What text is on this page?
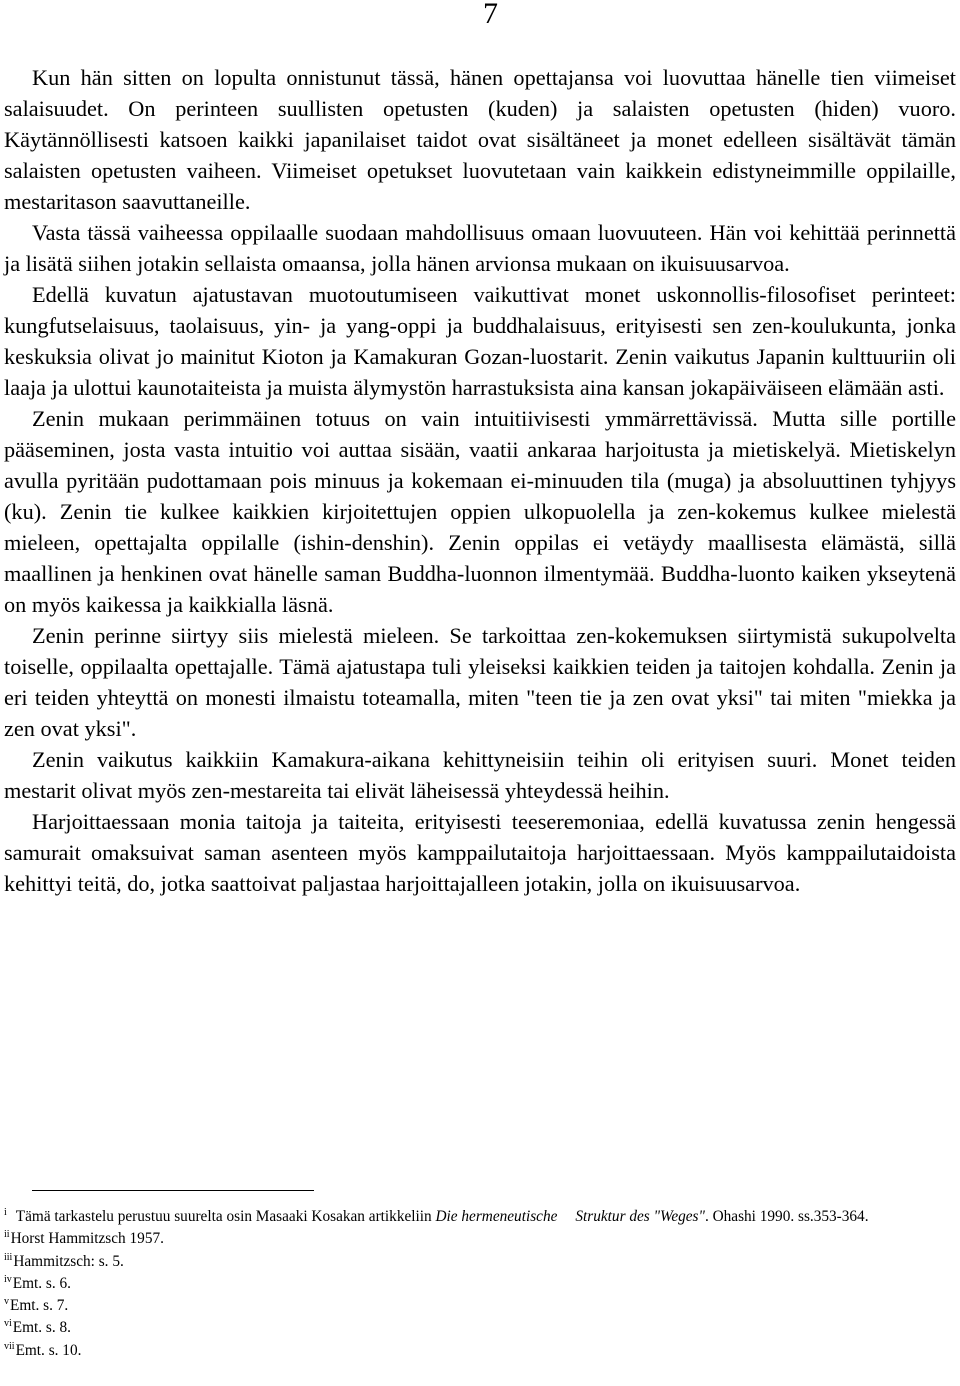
7

Kun hän sitten on lopulta onnistunut tässä, hänen opettajansa voi luovuttaa hänelle tien viimeiset salaisuudet. On perinteen suullisten opetusten (kuden) ja salaisten opetusten (hiden) vuoro. Käytännöllisesti katsoen kaikki japanilaiset taidot ovat sisältäneet ja monet edelleen sisältävät tämän salaisten opetusten vaiheen. Viimeiset opetukset luovutetaan vain kaikkein edistyneimmille oppilaille, mestaritason saavuttaneille.

Vasta tässä vaiheessa oppilaalle suodaan mahdollisuus omaan luovuuteen. Hän voi kehittää perinnettä ja lisätä siihen jotakin sellaista omaansa, jolla hänen arvionsa mukaan on ikuisuusarvoa.

Edellä kuvatun ajatustavan muotoutumiseen vaikuttivat monet uskonnollis-filosofiset perinteet: kungfutselaisuus, taolaisuus, yin- ja yang-oppi ja buddhalaisuus, erityisesti sen zen-koulukunta, jonka keskuksia olivat jo mainitut Kioton ja Kamakuran Gozan-luostarit. Zenin vaikutus Japanin kulttuuriin oli laaja ja ulottui kaunotaiteista ja muista älymystön harrastuksista aina kansan jokapäiväiseen elämään asti.

Zenin mukaan perimmäinen totuus on vain intuitiivisesti ymmärrettävissä. Mutta sille portille pääseminen, josta vasta intuitio voi auttaa sisään, vaatii ankaraa harjoitusta ja mietiskelyä. Mietiskelyn avulla pyritään pudottamaan pois minuus ja kokemaan ei-minuuden tila (muga) ja absoluuttinen tyhjyys (ku). Zenin tie kulkee kaikkien kirjoitettujen oppien ulkopuolella ja zen-kokemus kulkee mielestä mieleen, opettajalta oppilalle (ishin-denshin). Zenin oppilas ei vetäydy maallisesta elämästä, sillä maallinen ja henkinen ovat hänelle saman Buddha-luonnon ilmentymää. Buddha-luonto kaiken ykseytenä on myös kaikessa ja kaikkialla läsnä.

Zenin perinne siirtyy siis mielestä mieleen. Se tarkoittaa zen-kokemuksen siirtymistä sukupolvelta toiselle, oppilaalta opettajalle. Tämä ajatustapa tuli yleiseksi kaikkien teiden ja taitojen kohdalla. Zenin ja eri teiden yhteyttä on monesti ilmaistu toteamalla, miten "teen tie ja zen ovat yksi" tai miten "miekka ja zen ovat yksi".

Zenin vaikutus kaikkiin Kamakura-aikana kehittyneisiin teihin oli erityisen suuri. Monet teiden mestarit olivat myös zen-mestareita tai elivät läheisessä yhteydessä heihin.

Harjoittaessaan monia taitoja ja taiteita, erityisesti teeseremoniaa, edellä kuvatussa zenin hengessä samurait omaksuivat saman asenteen myös kamppailutaitoja harjoittaessaan. Myös kamppailutaidoista kehittyi teitä, do, jotka saattoivat paljastaa harjoittajalleen jotakin, jolla on ikuisuusarvoa.

$^i$ Tämä tarkastelu perustuu suurelta osin Masaaki Kosakan artikkeliin Die hermeneutische Struktur des "Weges". Ohashi 1990. ss.353-364.

$^{ii}$Horst Hammitzsch 1957.

$^{iii}$Hammitzsch: s. 5.

$^{iv}$Emt. s. 6.

$^v$Emt. s. 7.

$^{vi}$Emt. s. 8.

$^{vii}$Emt. s. 10.
